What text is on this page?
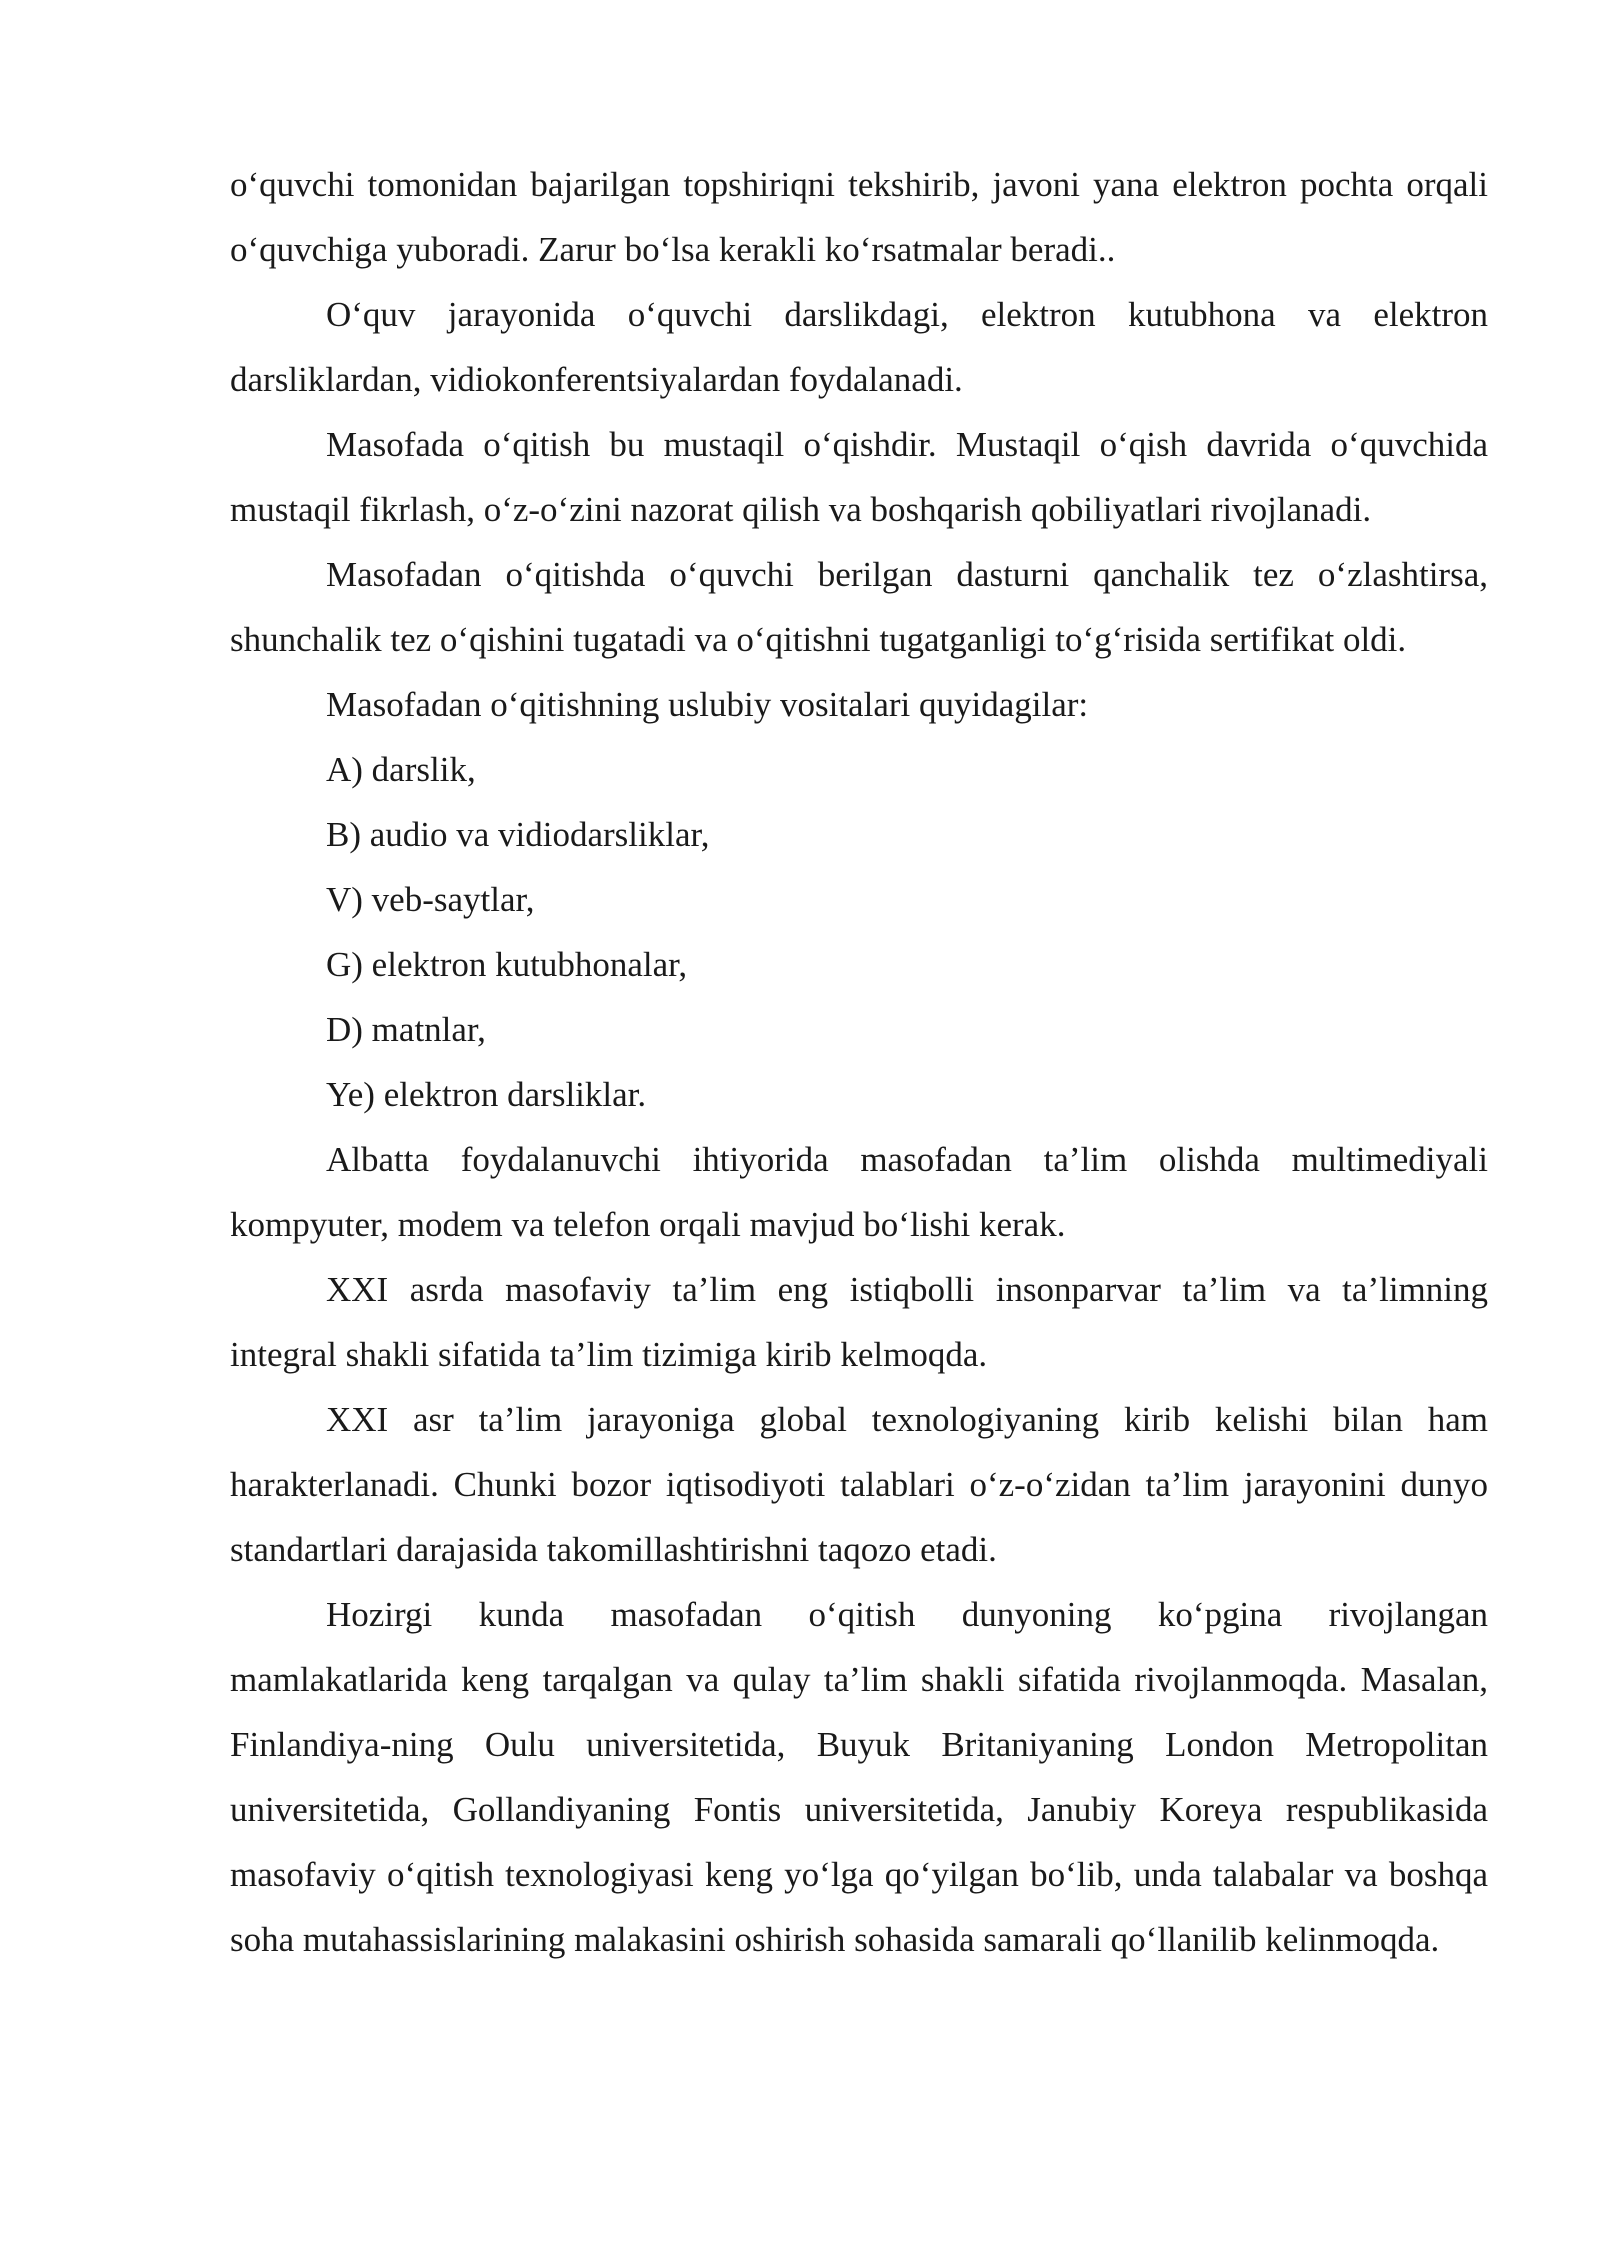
o‘quvchi tomonidan bajarilgan topshiriqni tekshirib, javoni yana elektron pochta orqali o‘quvchiga yuboradi. Zarur bo‘lsa kerakli ko‘rsatmalar beradi..

O‘quv jarayonida o‘quvchi darslikdagi, elektron kutubhona va elektron darsliklardan, vidiokonferentsiyalardan foydalanadi.

Masofada o‘qitish bu mustaqil o‘qishdir. Mustaqil o‘qish davrida o‘quvchida mustaqil fikrlash, o‘z-o‘zini nazorat qilish va boshqarish qobiliyatlari rivojlanadi.

Masofadan o‘qitishda o‘quvchi berilgan dasturni qanchalik tez o‘zlashtirsa, shunchalik tez o‘qishini tugatadi va o‘qitishni tugatganligi to‘g‘risida sertifikat oldi.

Masofadan o‘qitishning uslubiy vositalari quyidagilar:

A) darslik,

B) audio va vidiodarsliklar,

V) veb-saytlar,

G) elektron kutubhonalar,

D) matnlar,

Ye) elektron darsliklar.

Albatta foydalanuvchi ihtiyorida masofadan ta’lim olishda multimediyali kompyuter, modem va telefon orqali mavjud bo‘lishi kerak.

XXI asrda masofaviy ta’lim eng istiqbolli insonparvar ta’lim va ta’limning integral shakli sifatida ta’lim tizimiga kirib kelmoqda.

XXI asr ta’lim jarayoniga global texnologiyaning kirib kelishi bilan ham harakterlanadi. Chunki bozor iqtisodiyoti talablari o‘z-o‘zidan ta’lim jarayonini dunyo standartlari darajasida takomillashtirishni taqozo etadi.

Hozirgi kunda masofadan o‘qitish dunyoning ko‘pgina rivojlangan mamlakatlarida keng tarqalgan va qulay ta’lim shakli sifatida rivojlanmoqda. Masalan, Finlandiya-ning Oulu universitetida, Buyuk Britaniyaning London Metropolitan universitetida, Gollandiyaning Fontis universitetida, Janubiy Koreya respublikasida masofaviy o‘qitish texnologiyasi keng yo‘lga qo‘yilgan bo‘lib, unda talabalar va boshqa soha mutahassislarining malakasini oshirish sohasida samarali qo‘llanilib kelinmoqda.
